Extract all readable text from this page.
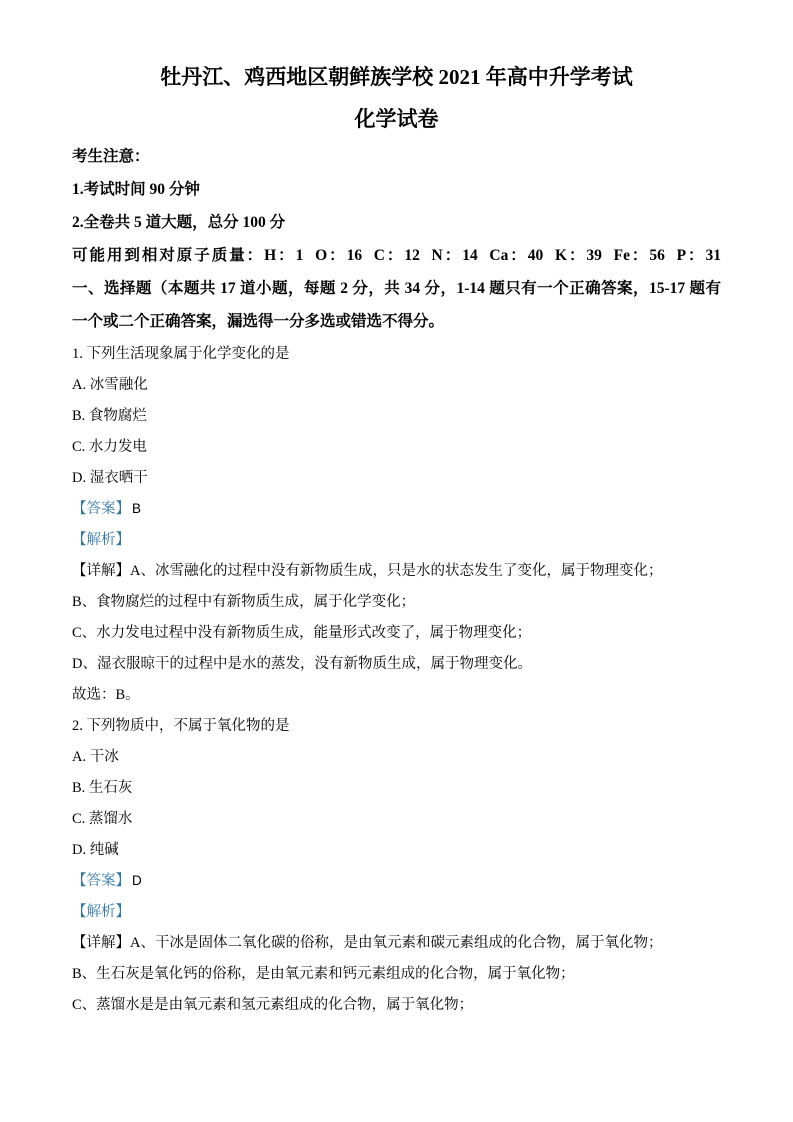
牡丹江、鸡西地区朝鲜族学校 2021 年高中升学考试
化学试卷
考生注意：
1.考试时间 90 分钟
2.全卷共 5 道大题，总分 100 分
可能用到相对原子质量：H：1  O：16  C：12  N：14  Ca：40  K：39  Fe：56  P：31
一、选择题（本题共 17 道小题，每题 2 分，共 34 分，1-14 题只有一个正确答案，15-17 题有
一个或二个正确答案，漏选得一分多选或错选不得分。
1. 下列生活现象属于化学变化的是
A. 冰雪融化
B. 食物腐烂
C. 水力发电
D. 湿衣晒干
【答案】 B
【解析】
【详解】A、冰雪融化的过程中没有新物质生成，只是水的状态发生了变化，属于物理变化；
B、食物腐烂的过程中有新物质生成，属于化学变化；
C、水力发电过程中没有新物质生成，能量形式改变了，属于物理变化；
D、湿衣服晾干的过程中是水的蒸发，没有新物质生成，属于物理变化。
故选：B。
2. 下列物质中，不属于氧化物的是
A. 干冰
B. 生石灰
C. 蒸馏水
D. 纯碱
【答案】 D
【解析】
【详解】A、干冰是固体二氧化碳的俗称，是由氧元素和碳元素组成的化合物，属于氧化物；
B、生石灰是氧化钙的俗称，是由氧元素和钙元素组成的化合物，属于氧化物；
C、蒸馏水是是由氧元素和氢元素组成的化合物，属于氧化物；
